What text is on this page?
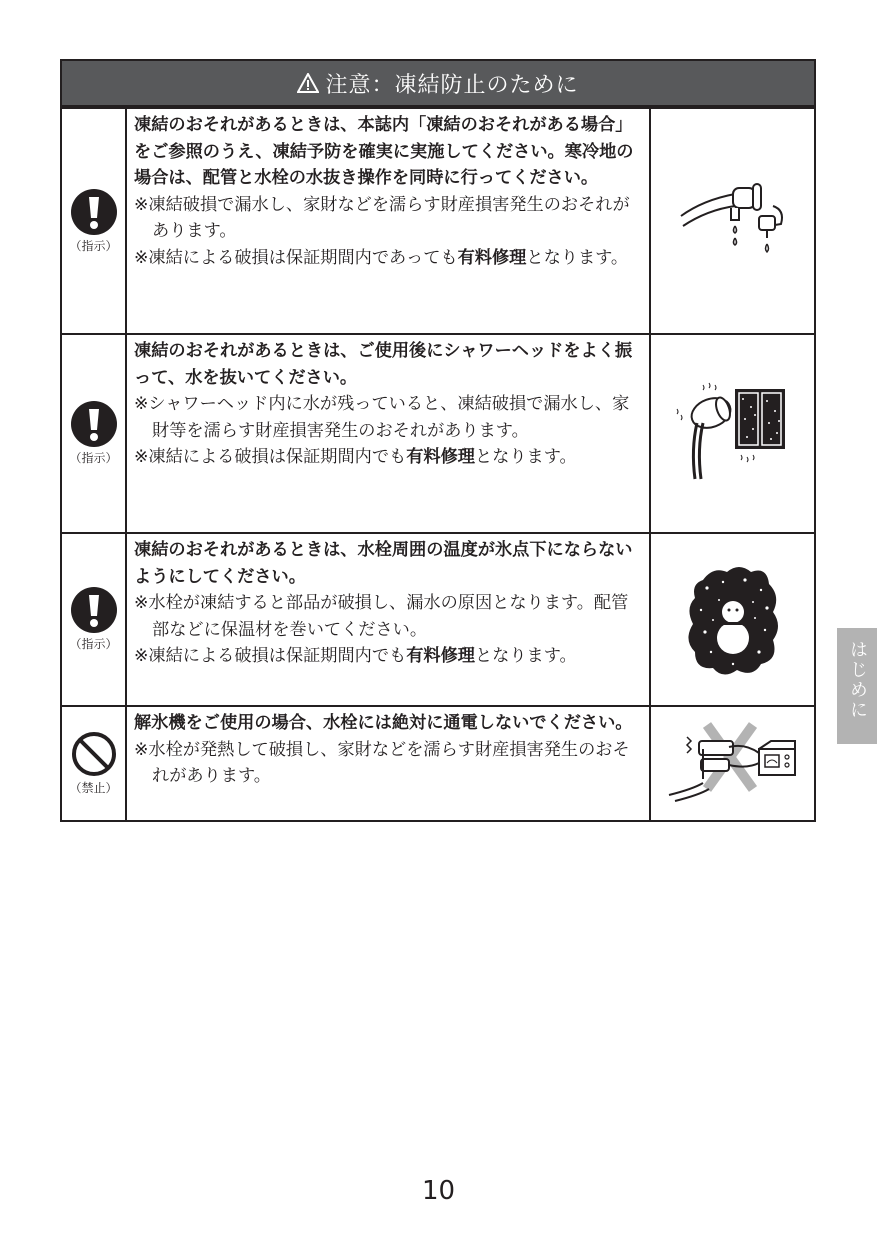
注意：凍結防止のために
（指示）
凍結のおそれがあるときは、本誌内「凍結のおそれがある場合」をご参照のうえ、凍結予防を確実に実施してください。寒冷地の場合は、配管と水栓の水抜き操作を同時に行ってください。
※凍結破損で漏水し、家財などを濡らす財産損害発生のおそれがあります。
※凍結による破損は保証期間内であっても有料修理となります。
（指示）
凍結のおそれがあるときは、ご使用後にシャワーヘッドをよく振って、水を抜いてください。
※シャワーヘッド内に水が残っていると、凍結破損で漏水し、家財等を濡らす財産損害発生のおそれがあります。
※凍結による破損は保証期間内でも有料修理となります。
（指示）
凍結のおそれがあるときは、水栓周囲の温度が氷点下にならないようにしてください。
※水栓が凍結すると部品が破損し、漏水の原因となります。配管部などに保温材を巻いてください。
※凍結による破損は保証期間内でも有料修理となります。
（禁止）
解氷機をご使用の場合、水栓には絶対に通電しないでください。
※水栓が発熱して破損し、家財などを濡らす財産損害発生のおそれがあります。
はじめに
10
